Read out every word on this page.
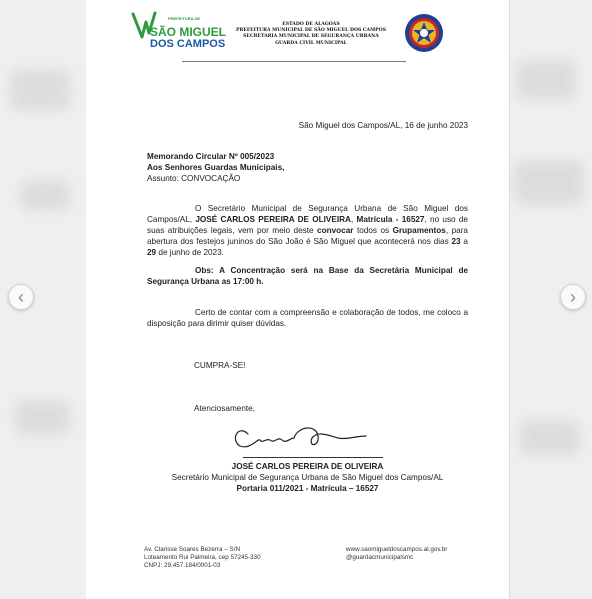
‹	›
PREFEITURA DE
SÃO MIGUEL
DOS CAMPOS
ESTADO DE ALAGOAS
PREFEITURA MUNICIPAL DE SÃO MIGUEL DOS CAMPOS
SECRETARIA MUNICIPAL DE SEGURANÇA URBANA
GUARDA CIVIL MUNICIPAL

São Miguel dos Campos/AL, 16 de junho 2023

Memorando Circular Nº 005/2023

Aos Senhores Guardas Municipais,

Assunto: CONVOCAÇÃO

O Secretário Municipal de Segurança Urbana de São Miguel dos Campos/AL, JOSÉ CARLOS PEREIRA DE OLIVEIRA, Matrícula - 16527, no uso de suas atribuições legais, vem por meio deste convocar todos os Grupamentos, para abertura dos festejos juninos do São João é São Miguel que acontecerá nos dias 23 a 29 de junho de 2023.

Obs: A Concentração será na Base da Secretária Municipal de Segurança Urbana as 17:00 h.

Certo de contar com a compreensão e colaboração de todos, me coloco a disposição para dirimir quiser dúvidas.

CUMPRA-SE!

Atenciosamente,

JOSÉ CARLOS PEREIRA DE OLIVEIRA

Secretário Municipal de Segurança Urbana de São Miguel dos Campos/AL

Portaria 011/2021 - Matrícula – 16527

Av. Clarisse Soares Bezerra – S/N
Loteamento Rui Palmeira, cep 57245-330
CNPJ: 29.457.184/0001-03
www.saomigueldoscampos.al.gov.br
@guardacmunicipalsmc
